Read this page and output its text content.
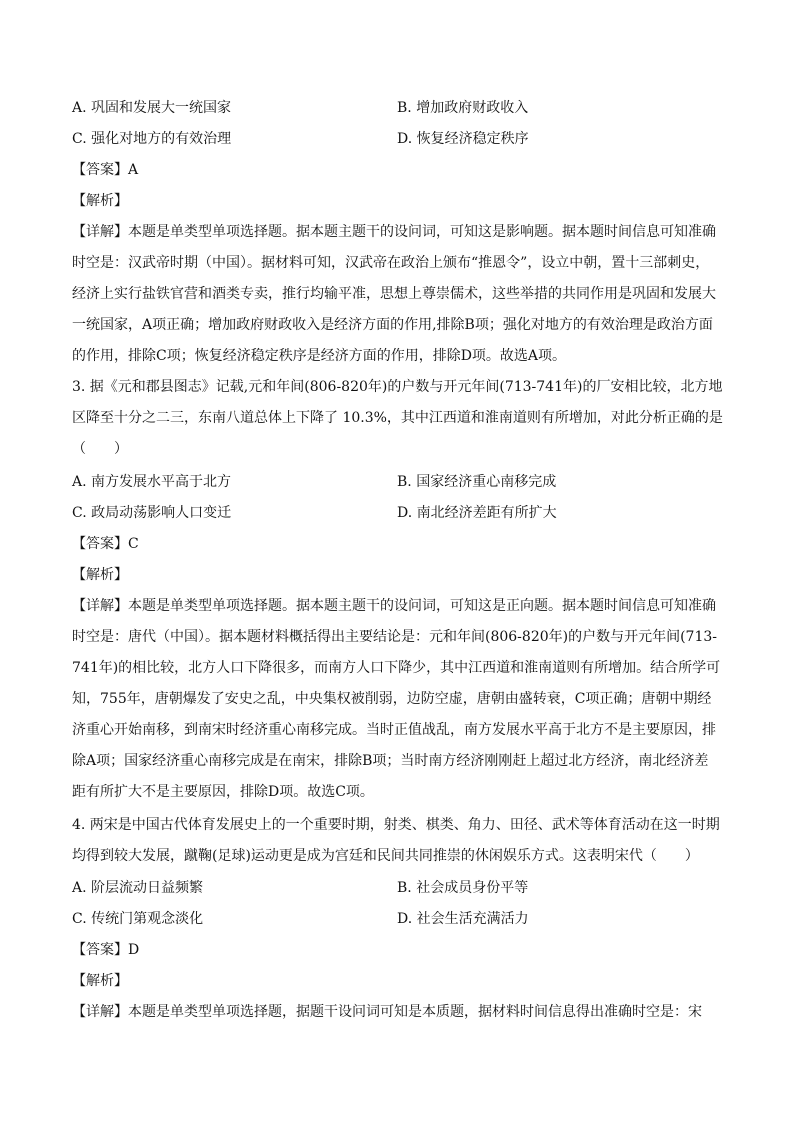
A. 巩固和发展大一统国家	B. 增加政府财政收入
C. 强化对地方的有效治理	D. 恢复经济稳定秩序
【答案】A
【解析】
【详解】本题是单类型单项选择题。据本题主题干的设问词，可知这是影响题。据本题时间信息可知准确
时空是：汉武帝时期（中国）。据材料可知，汉武帝在政治上颁布“推恩令”，设立中朝，置十三部刺史，
经济上实行盐铁官营和酒类专卖，推行均输平准，思想上尊崇儒术，这些举措的共同作用是巩固和发展大
一统国家，A项正确；增加政府财政收入是经济方面的作用,排除B项；强化对地方的有效治理是政治方面
的作用，排除C项；恢复经济稳定秩序是经济方面的作用，排除D项。故选A项。
3. 据《元和郡县图志》记载,元和年间(806-820年)的户数与开元年间(713-741年)的厂安相比较，北方地
区降至十分之二三，东南八道总体上下降了 10.3%，其中江西道和淮南道则有所增加，对此分析正确的是
（　　）
A. 南方发展水平高于北方	B. 国家经济重心南移完成
C. 政局动荡影响人口变迁	D. 南北经济差距有所扩大
【答案】C
【解析】
【详解】本题是单类型单项选择题。据本题主题干的设问词，可知这是正向题。据本题时间信息可知准确
时空是：唐代（中国）。据本题材料概括得出主要结论是：元和年间(806-820年)的户数与开元年间(713-
741年)的相比较，北方人口下降很多，而南方人口下降少，其中江西道和淮南道则有所增加。结合所学可
知，755年，唐朝爆发了安史之乱，中央集权被削弱，边防空虚，唐朝由盛转衰，C项正确；唐朝中期经
济重心开始南移，到南宋时经济重心南移完成。当时正值战乱，南方发展水平高于北方不是主要原因，排
除A项；国家经济重心南移完成是在南宋，排除B项；当时南方经济刚刚赶上超过北方经济，南北经济差
距有所扩大不是主要原因，排除D项。故选C项。
4. 两宋是中国古代体育发展史上的一个重要时期，射类、棋类、角力、田径、武术等体育活动在这一时期
均得到较大发展，蹴鞠(足球)运动更是成为宫廷和民间共同推崇的休闲娱乐方式。这表明宋代（　　）
A. 阶层流动日益频繁	B. 社会成员身份平等
C. 传统门第观念淡化	D. 社会生活充满活力
【答案】D
【解析】
【详解】本题是单类型单项选择题，据题干设问词可知是本质题，据材料时间信息得出准确时空是：宋
